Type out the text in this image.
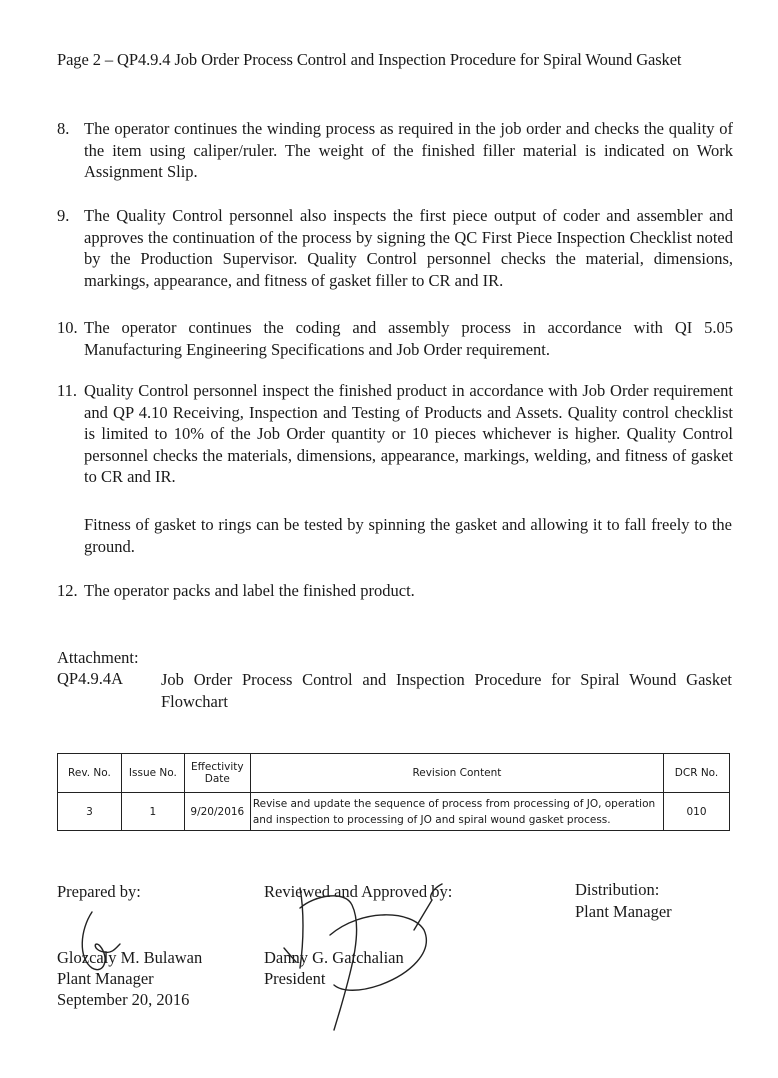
Page 2 – QP4.9.4 Job Order Process Control and Inspection Procedure for Spiral Wound Gasket
8. The operator continues the winding process as required in the job order and checks the quality of the item using caliper/ruler. The weight of the finished filler material is indicated on Work Assignment Slip.
9. The Quality Control personnel also inspects the first piece output of coder and assembler and approves the continuation of the process by signing the QC First Piece Inspection Checklist noted by the Production Supervisor. Quality Control personnel checks the material, dimensions, markings, appearance, and fitness of gasket filler to CR and IR.
10. The operator continues the coding and assembly process in accordance with QI 5.05 Manufacturing Engineering Specifications and Job Order requirement.
11. Quality Control personnel inspect the finished product in accordance with Job Order requirement and QP 4.10 Receiving, Inspection and Testing of Products and Assets. Quality control checklist is limited to 10% of the Job Order quantity or 10 pieces whichever is higher. Quality Control personnel checks the materials, dimensions, appearance, markings, welding, and fitness of gasket to CR and IR.
Fitness of gasket to rings can be tested by spinning the gasket and allowing it to fall freely to the ground.
12. The operator packs and label the finished product.
Attachment:
QP4.9.4A Job Order Process Control and Inspection Procedure for Spiral Wound Gasket Flowchart
Rev. No.	Issue No.	Effectivity Date	Revision Content	DCR No.
3	1	9/20/2016	Revise and update the sequence of process from processing of JO, operation and inspection to processing of JO and spiral wound gasket process.	010
Prepared by:
Glozcaly M. Bulawan
Plant Manager
September 20, 2016
Reviewed and Approved by:
Danny G. Gatchalian
President
Distribution:
Plant Manager
